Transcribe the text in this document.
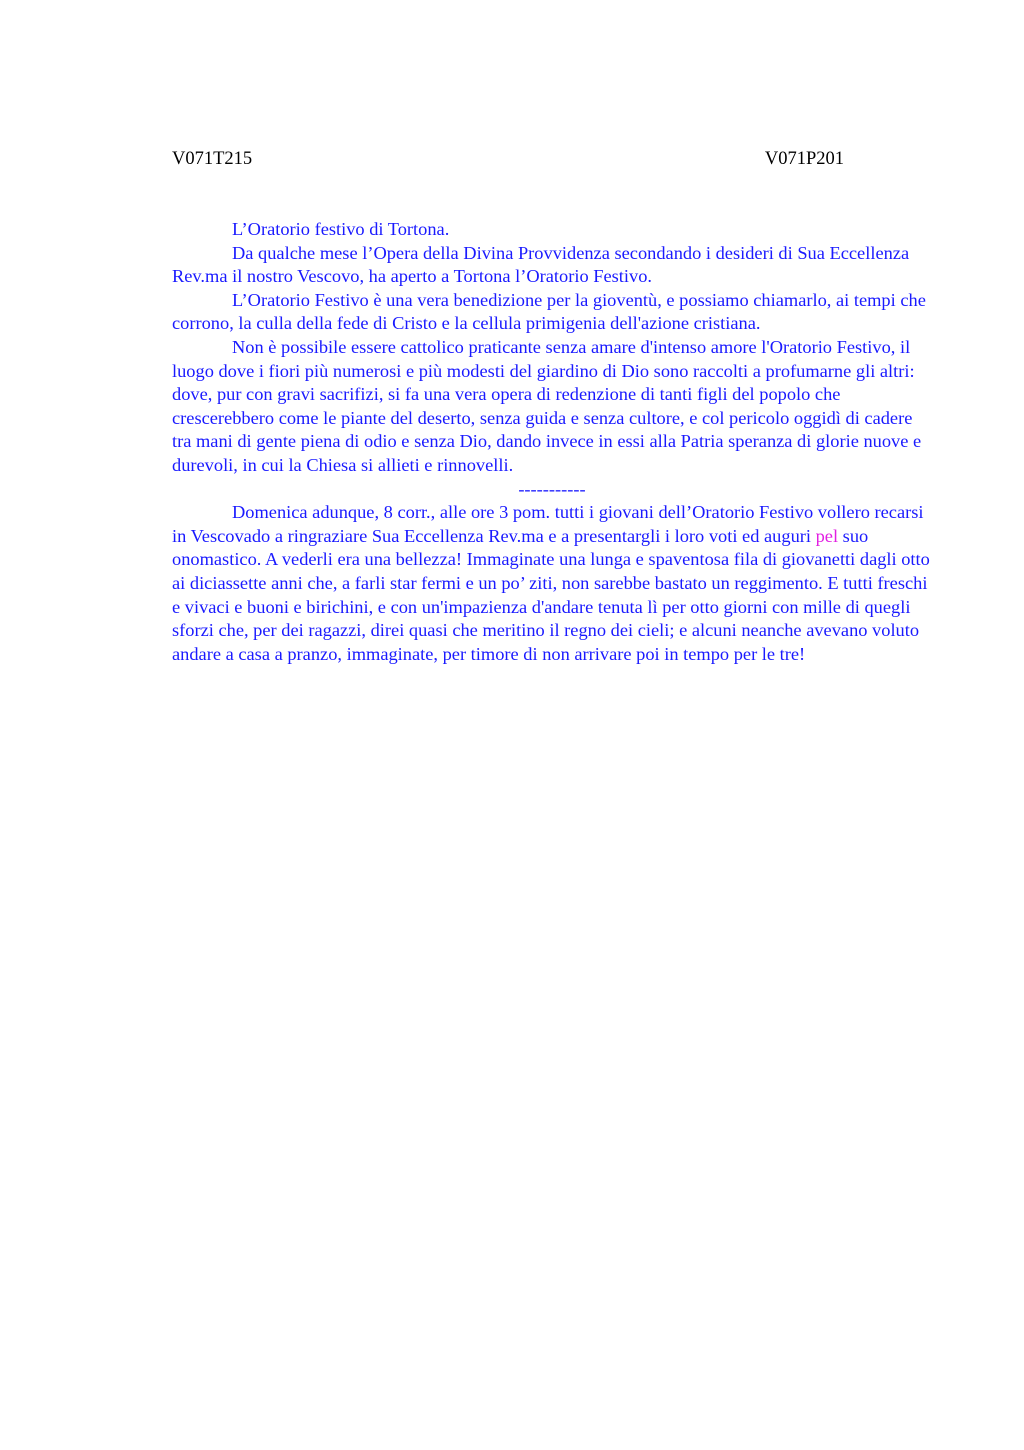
V071T215	V071P201

L’Oratorio festivo di Tortona.

Da qualche mese l’Opera della Divina Provvidenza secondando i desideri di Sua Eccellenza Rev.ma il nostro Vescovo, ha aperto a Tortona l’Oratorio Festivo.

L’Oratorio Festivo è una vera benedizione per la gioventù, e possiamo chiamarlo, ai tempi che corrono, la culla della fede di Cristo e la cellula primigenia dell'azione cristiana.

Non è possibile essere cattolico praticante senza amare d'intenso amore l'Oratorio Festivo, il luogo dove i fiori più numerosi e più modesti del giardino di Dio sono raccolti a profumarne gli altri: dove, pur con gravi sacrifizi, si fa una vera opera di redenzione di tanti figli del popolo che crescerebbero come le piante del deserto, senza guida e senza cultore, e col pericolo oggidì di cadere tra mani di gente piena di odio e senza Dio, dando invece in essi alla Patria speranza di glorie nuove e durevoli, in cui la Chiesa si allieti e rinnovelli.

-----------

Domenica adunque, 8 corr., alle ore 3 pom. tutti i giovani dell’Oratorio Festivo vollero recarsi in Vescovado a ringraziare Sua Eccellenza Rev.ma e a presentargli i loro voti ed auguri pel suo onomastico. A vederli era una bellezza! Immaginate una lunga e spaventosa fila di giovanetti dagli otto ai diciassette anni che, a farli star fermi e un po’ ziti, non sarebbe bastato un reggimento. E tutti freschi e vivaci e buoni e birichini, e con un'impazienza d'andare tenuta lì per otto giorni con mille di quegli sforzi che, per dei ragazzi, direi quasi che meritino il regno dei cieli; e alcuni neanche avevano voluto andare a casa a pranzo, immaginate, per timore di non arrivare poi in tempo per le tre!
